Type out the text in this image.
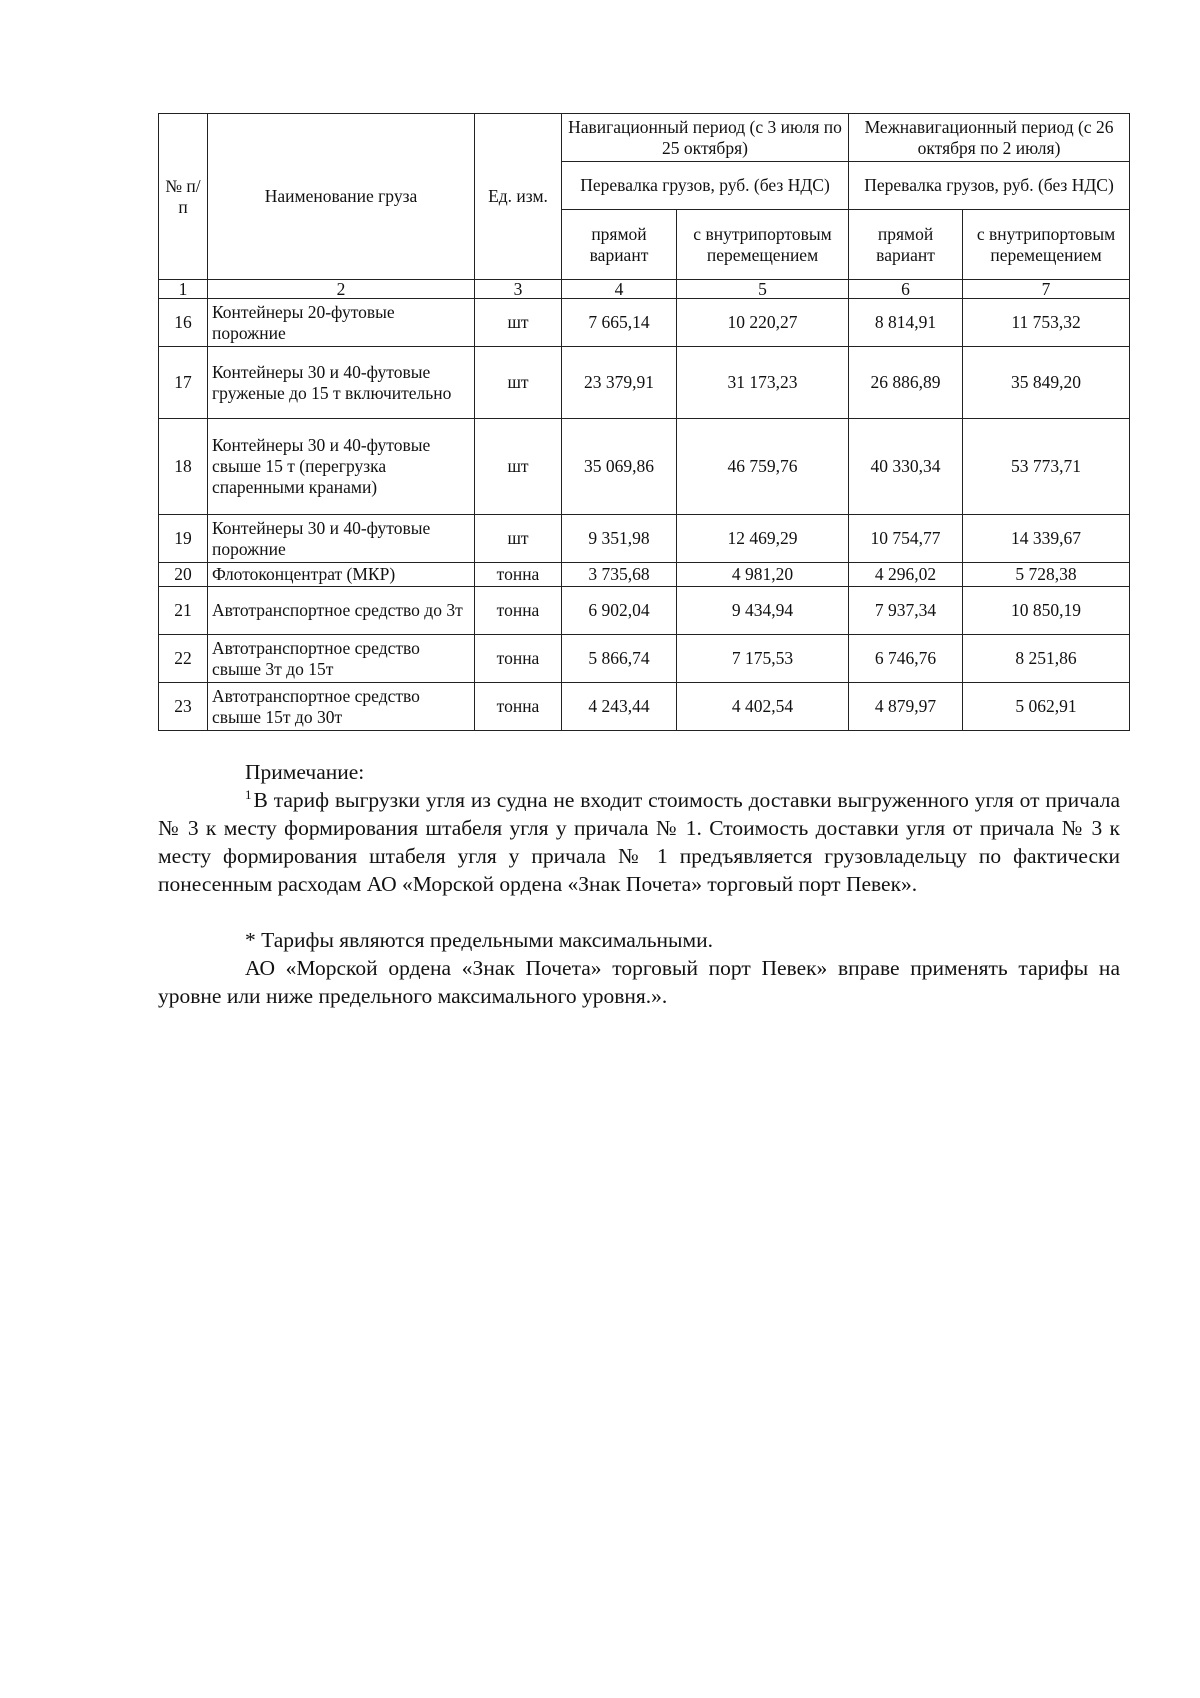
№ п/п	Наименование груза	Ед. изм.	Навигационный период (с 3 июля по 25 октября)		Межнавигационный период (с 26 октября по 2 июля)	
			Перевалка грузов, руб. (без НДС)		Перевалка грузов, руб. (без НДС)	
			прямой вариант	с внутрипортовым перемещением	прямой вариант	с внутрипортовым перемещением
1	2	3	4	5	6	7
16	Контейнеры 20-футовые порожние	шт	7 665,14	10 220,27	8 814,91	11 753,32
17	Контейнеры 30 и 40-футовые груженые до 15 т включительно	шт	23 379,91	31 173,23	26 886,89	35 849,20
18	Контейнеры 30 и 40-футовые свыше 15 т (перегрузка спаренными кранами)	шт	35 069,86	46 759,76	40 330,34	53 773,71
19	Контейнеры 30 и 40-футовые порожние	шт	9 351,98	12 469,29	10 754,77	14 339,67
20	Флотоконцентрат (МКР)	тонна	3 735,68	4 981,20	4 296,02	5 728,38
21	Автотранспортное средство до 3т	тонна	6 902,04	9 434,94	7 937,34	10 850,19
22	Автотранспортное средство свыше 3т до 15т	тонна	5 866,74	7 175,53	6 746,76	8 251,86
23	Автотранспортное средство свыше 15т до 30т	тонна	4 243,44	4 402,54	4 879,97	5 062,91

Примечание:

$^1$В тариф выгрузки угля из судна не входит стоимость доставки выгруженного угля от причала № 3 к месту формирования штабеля угля у причала № 1. Стоимость доставки угля от причала № 3 к месту формирования штабеля угля у причала № 1 предъявляется грузовладельцу по фактически понесенным расходам АО «Морской ордена «Знак Почета» торговый порт Певек».

* Тарифы являются предельными максимальными.

АО «Морской ордена «Знак Почета» торговый порт Певек» вправе применять тарифы на уровне или ниже предельного максимального уровня.».
